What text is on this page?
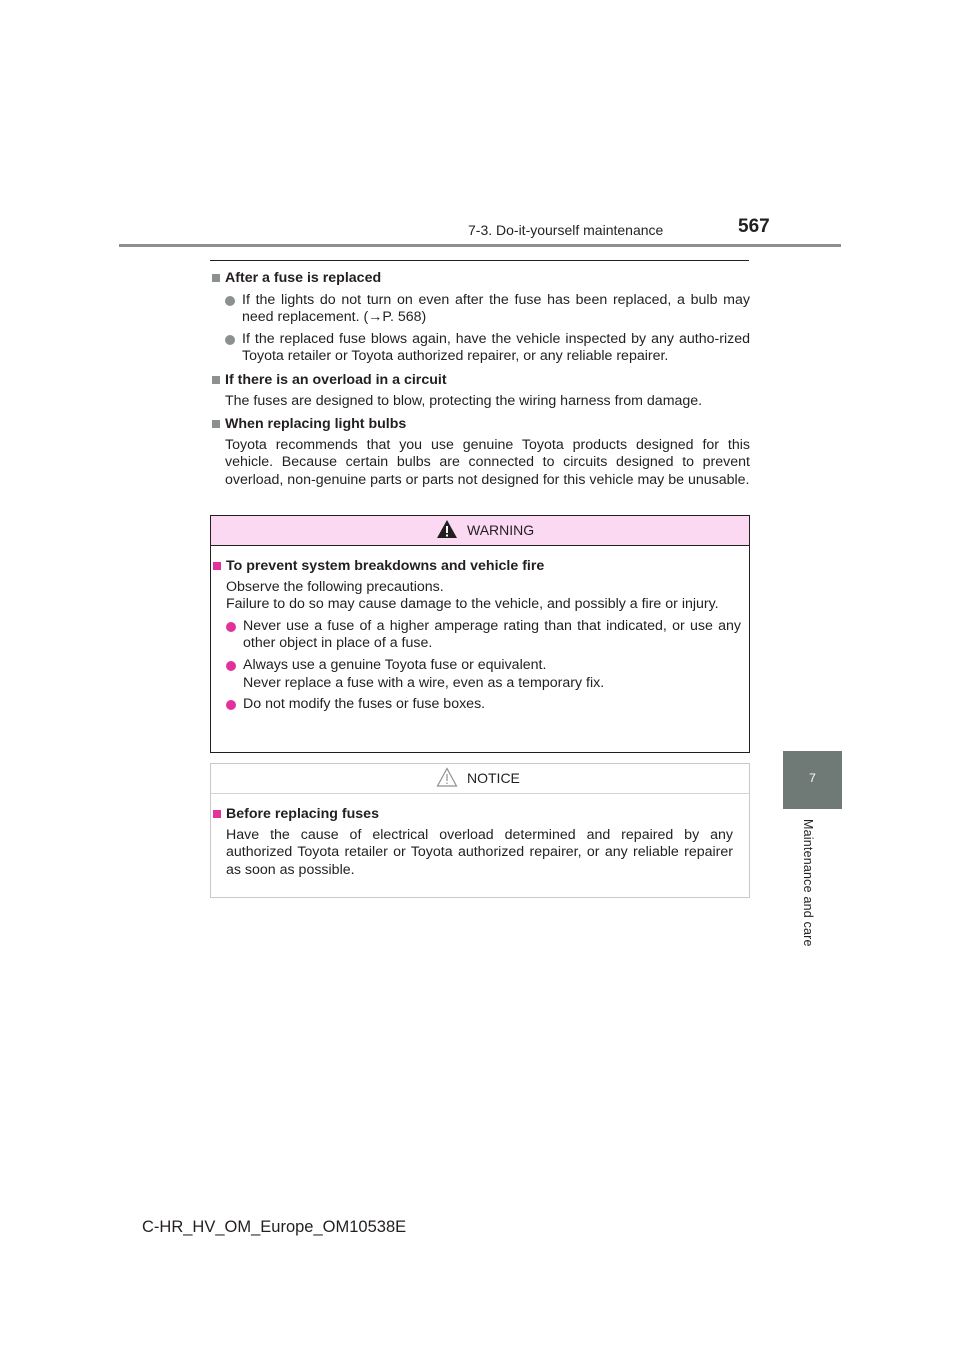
7-3. Do-it-yourself maintenance	567
7
Maintenance and care
After a fuse is replaced
If the lights do not turn on even after the fuse has been replaced, a bulb may need replacement. (→P. 568)
If the replaced fuse blows again, have the vehicle inspected by any autho-rized Toyota retailer or Toyota authorized repairer, or any reliable repairer.
If there is an overload in a circuit
The fuses are designed to blow, protecting the wiring harness from damage.
When replacing light bulbs
Toyota recommends that you use genuine Toyota products designed for this vehicle. Because certain bulbs are connected to circuits designed to prevent overload, non-genuine parts or parts not designed for this vehicle may be unusable.
WARNING
To prevent system breakdowns and vehicle fire
Observe the following precautions.
Failure to do so may cause damage to the vehicle, and possibly a fire or injury.
Never use a fuse of a higher amperage rating than that indicated, or use any other object in place of a fuse.
Always use a genuine Toyota fuse or equivalent.
Never replace a fuse with a wire, even as a temporary fix.
Do not modify the fuses or fuse boxes.
NOTICE
Before replacing fuses
Have the cause of electrical overload determined and repaired by any authorized Toyota retailer or Toyota authorized repairer, or any reliable repairer as soon as possible.
C-HR_HV_OM_Europe_OM10538E
